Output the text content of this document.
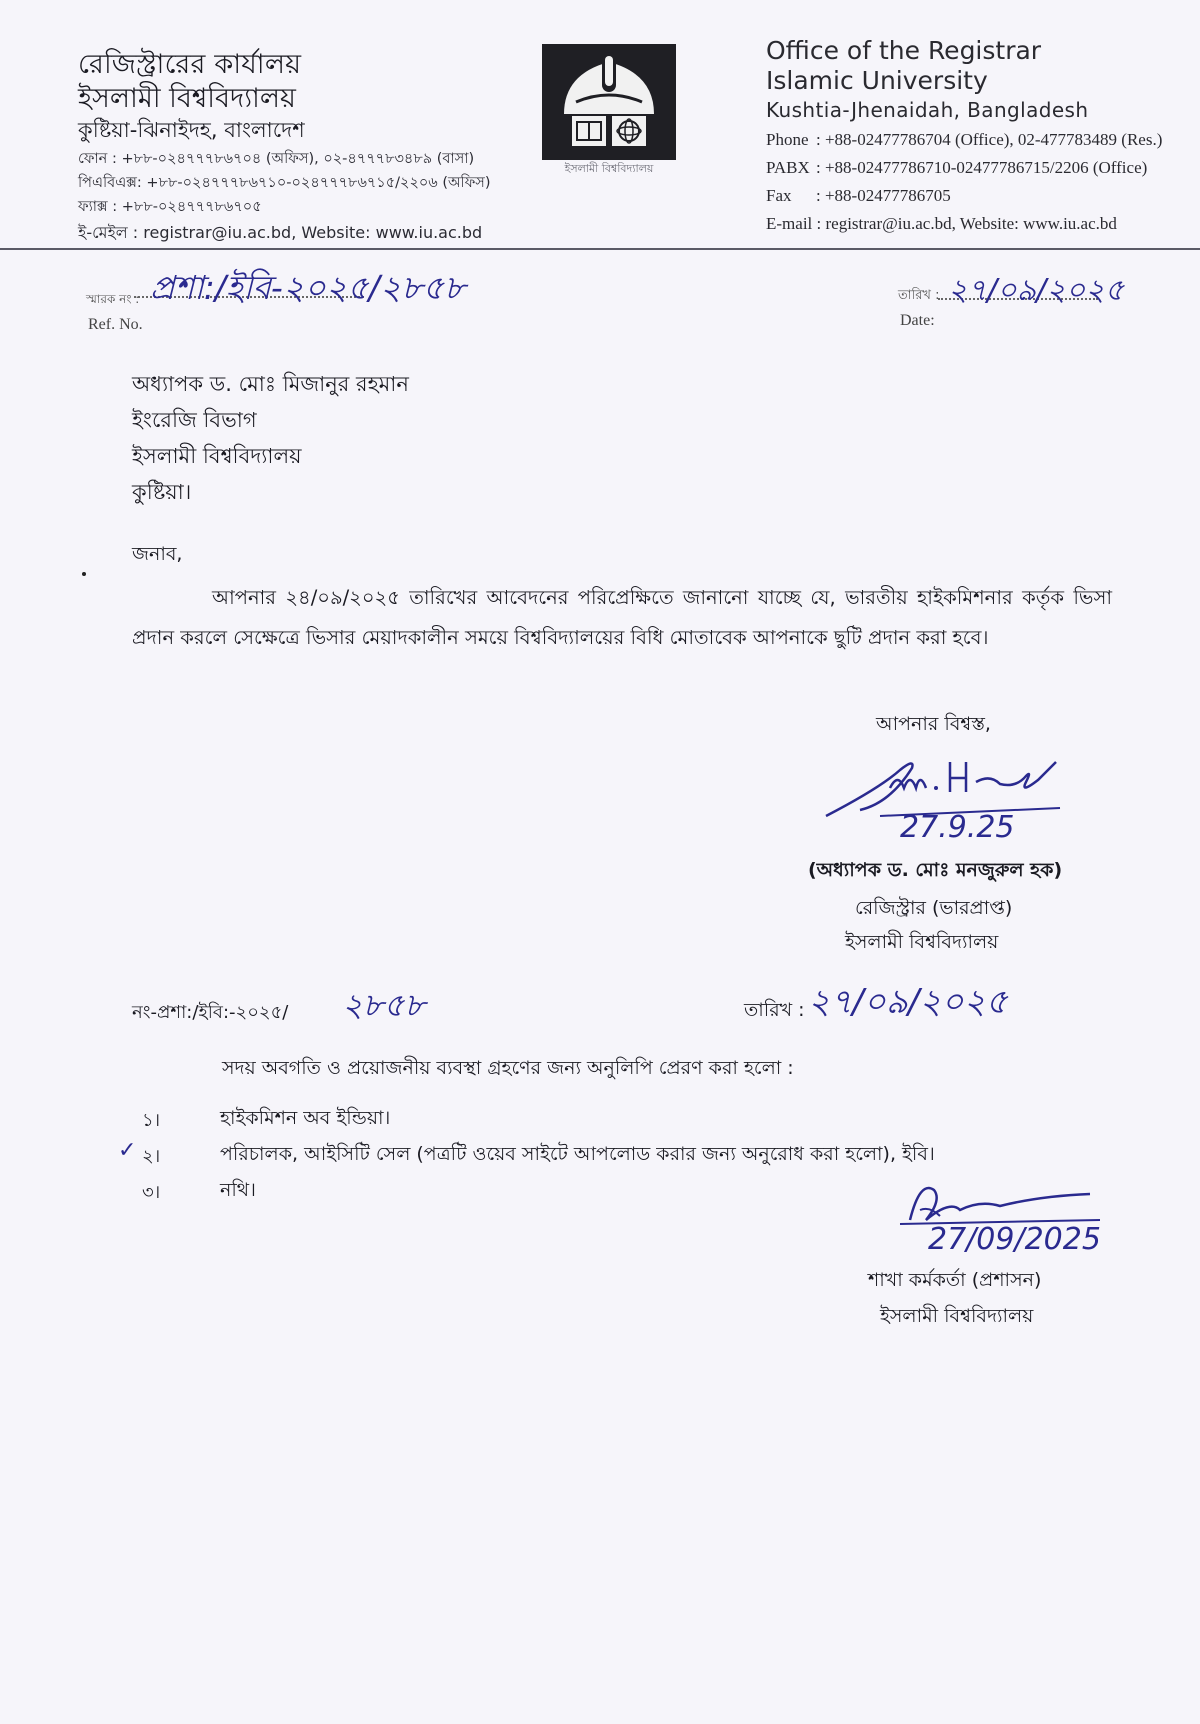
রেজিস্ট্রারের কার্যালয়
ইসলামী বিশ্ববিদ্যালয়
কুষ্টিয়া-ঝিনাইদহ, বাংলাদেশ
ফোন : +৮৮-০২৪৭৭৭৮৬৭০৪ (অফিস), ০২-৪৭৭৭৮৩৪৮৯ (বাসা)
পিএবিএক্স: +৮৮-০২৪৭৭৭৮৬৭১০-০২৪৭৭৭৮৬৭১৫/২২০৬ (অফিস)
ফ্যাক্স : +৮৮-০২৪৭৭৭৮৬৭০৫
ই-মেইল : registrar@iu.ac.bd, Website: www.iu.ac.bd
ইসলামী বিশ্ববিদ্যালয়
Office of the Registrar
Islamic University
Kushtia-Jhenaidah, Bangladesh
Phone : +88-02477786704 (Office), 02-477783489 (Res.)
PABX : +88-02477786710-02477786715/2206 (Office)
Fax : +88-02477786705
E-mail : registrar@iu.ac.bd, Website: www.iu.ac.bd
স্মারক নং :
Ref. No.
প্রশা:/ইবি-২০২৫/২৮৫৮	তারিখ :
Date:
২৭/০৯/২০২৫
অধ্যাপক ড. মোঃ মিজানুর রহমান
ইংরেজি বিভাগ
ইসলামী বিশ্ববিদ্যালয়
কুষ্টিয়া।
জনাব,
আপনার ২৪/০৯/২০২৫ তারিখের আবেদনের পরিপ্রেক্ষিতে জানানো যাচ্ছে যে, ভারতীয় হাইকমিশনার কর্তৃক ভিসা প্রদান করলে সেক্ষেত্রে ভিসার মেয়াদকালীন সময়ে বিশ্ববিদ্যালয়ের বিধি মোতাবেক আপনাকে ছুটি প্রদান করা হবে।
আপনার বিশ্বস্ত,
27.9.25
(অধ্যাপক ড. মোঃ মনজুরুল হক)
রেজিস্ট্রার (ভারপ্রাপ্ত)
ইসলামী বিশ্ববিদ্যালয়
নং-প্রশা:/ইবি:-২০২৫/ ২৮৫৮	তারিখ : ২৭/০৯/২০২৫
সদয় অবগতি ও প্রয়োজনীয় ব্যবস্থা গ্রহণের জন্য অনুলিপি প্রেরণ করা হলো :
১।	হাইকমিশন অব ইন্ডিয়া।
✓ ২।	পরিচালক, আইসিটি সেল (পত্রটি ওয়েব সাইটে আপলোড করার জন্য অনুরোধ করা হলো), ইবি।
৩।	নথি।
27/09/2025
শাখা কর্মকর্তা (প্রশাসন)
ইসলামী বিশ্ববিদ্যালয়
